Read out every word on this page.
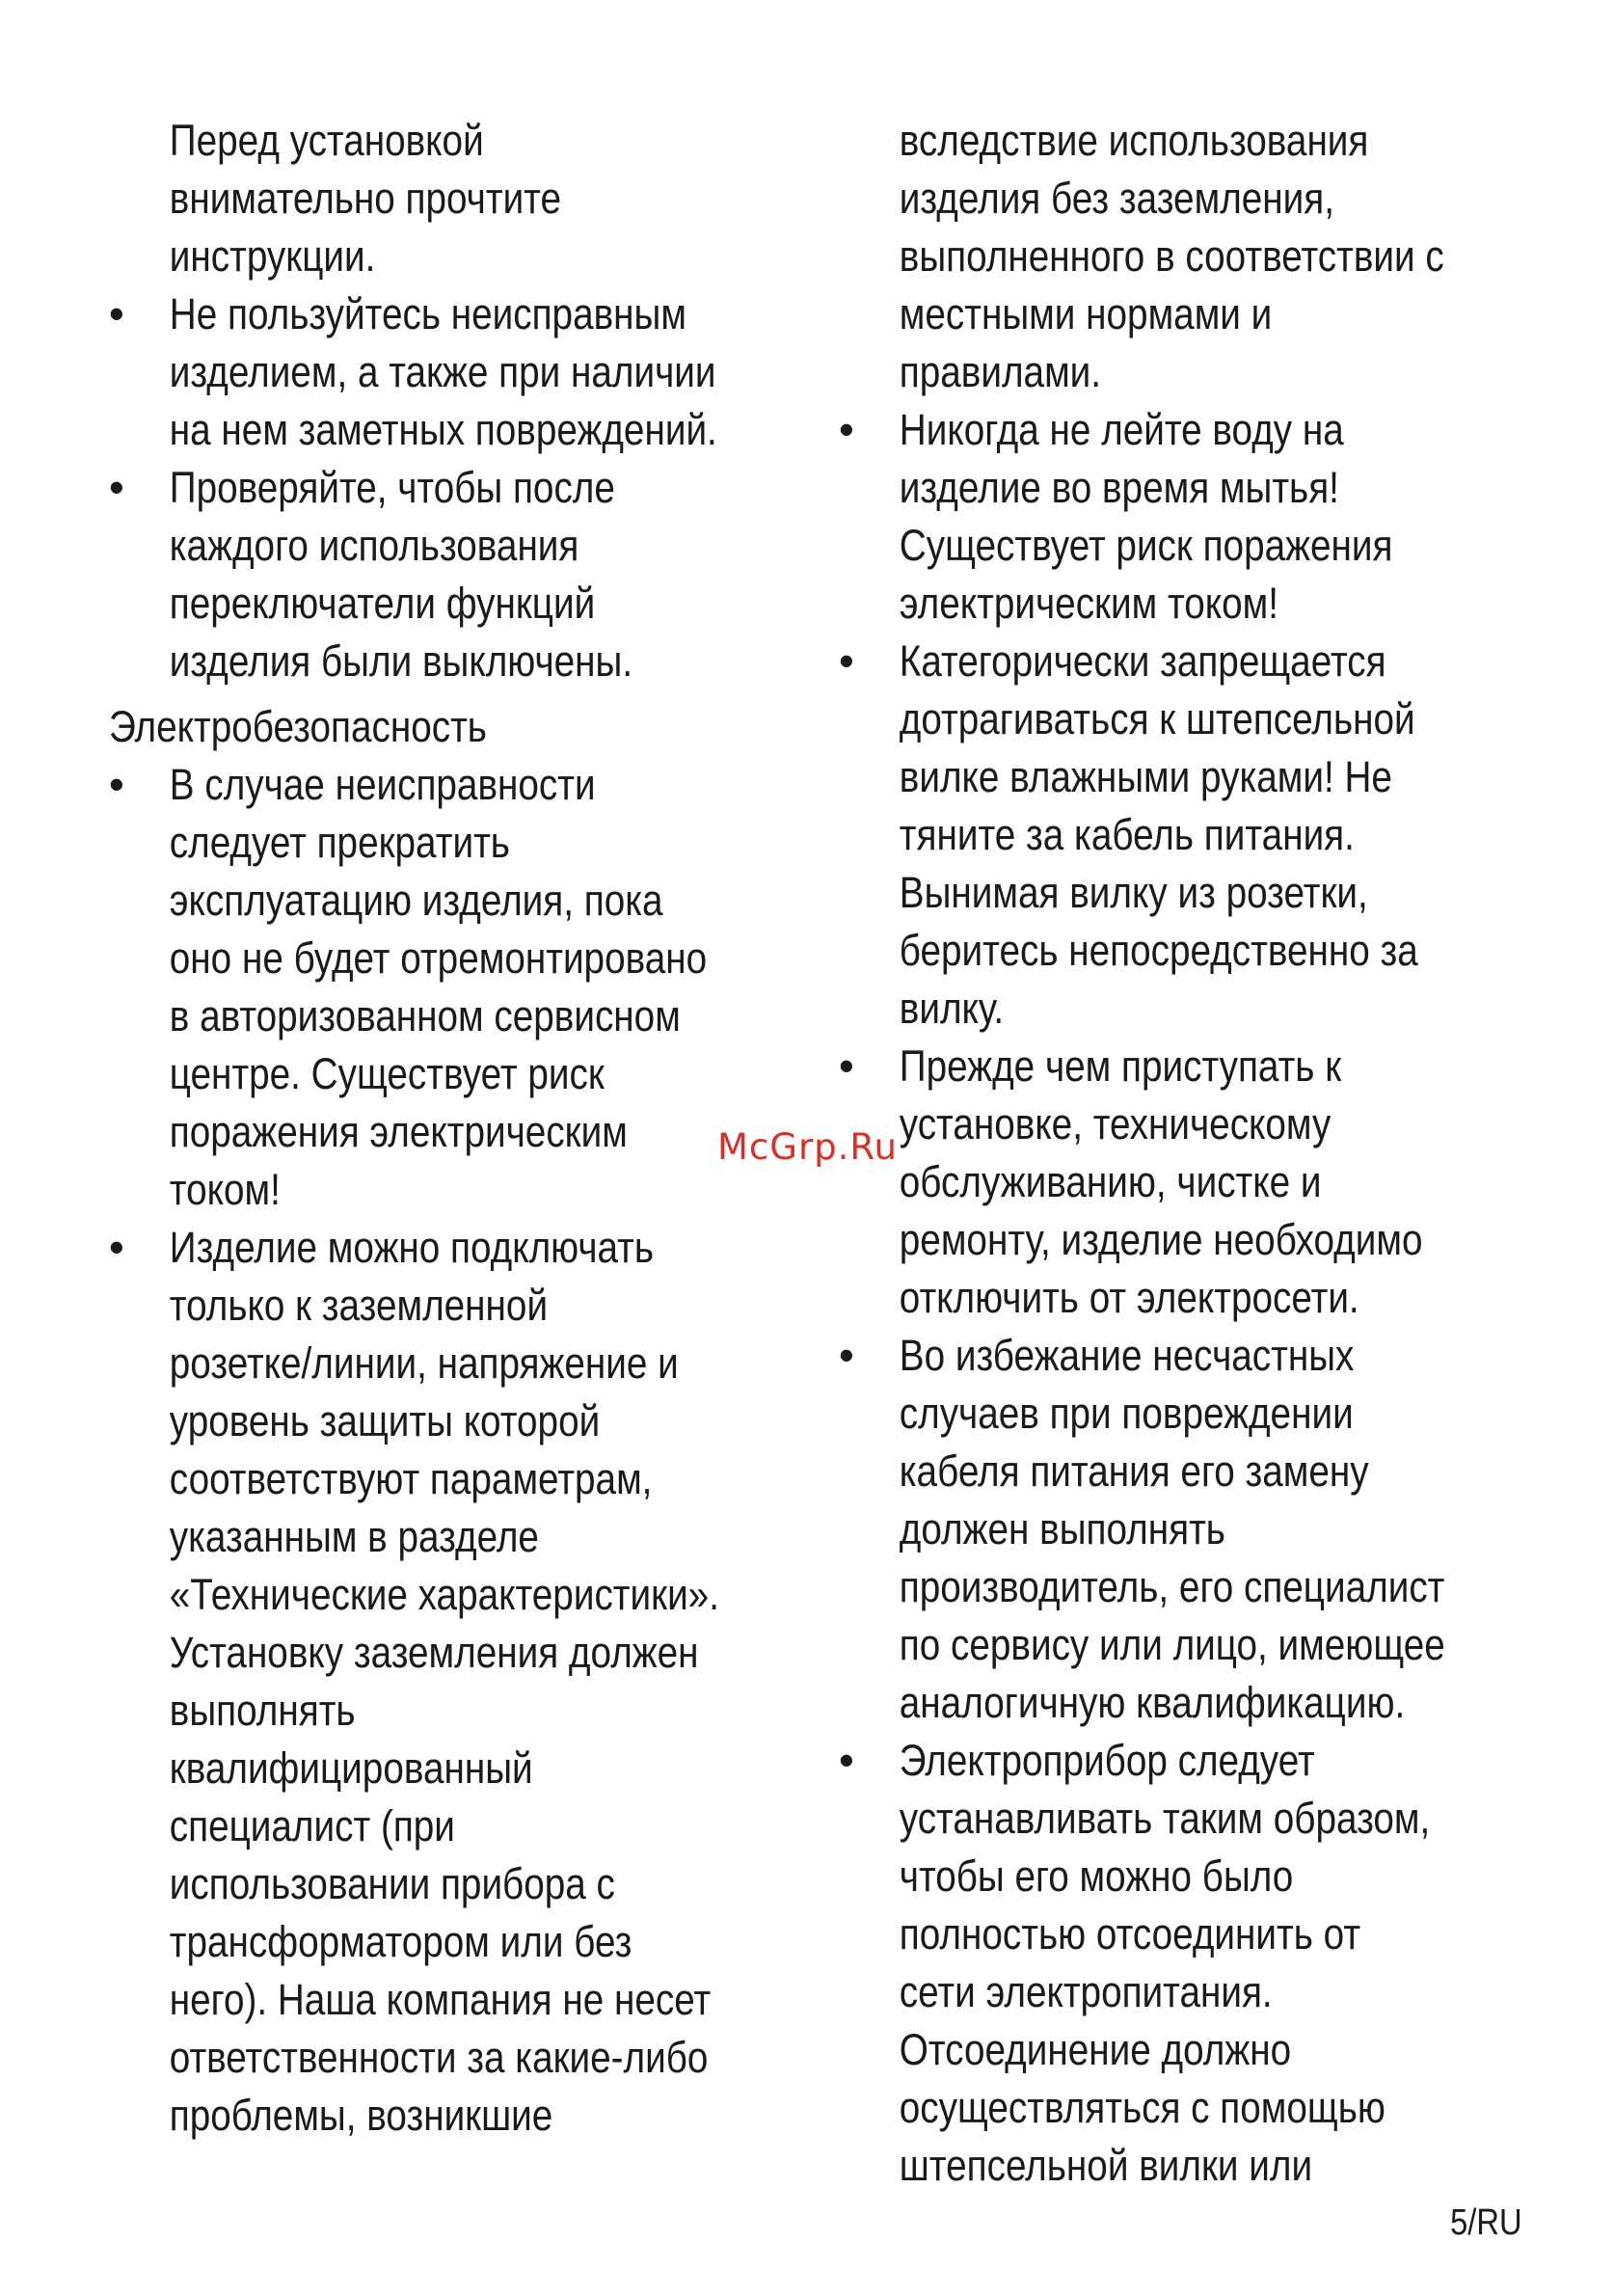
Перед установкой
внимательно прочтите
инструкции.
•	Не пользуйтесь неисправным
изделием, а также при наличии
на нем заметных повреждений.
•	Проверяйте, чтобы после
каждого использования
переключатели функций
изделия были выключены.
Электробезопасность
•	В случае неисправности
следует прекратить
эксплуатацию изделия, пока
оно не будет отремонтировано
в авторизованном сервисном
центре. Существует риск
поражения электрическим
током!
•	Изделие можно подключать
только к заземленной
розетке/линии, напряжение и
уровень защиты которой
соответствуют параметрам,
указанным в разделе
«Технические характеристики».
Установку заземления должен
выполнять
квалифицированный
специалист (при
использовании прибора с
трансформатором или без
него). Наша компания не несет
ответственности за какие-либо
проблемы, возникшие
вследствие использования
изделия без заземления,
выполненного в соответствии с
местными нормами и
правилами.
•	Никогда не лейте воду на
изделие во время мытья!
Существует риск поражения
электрическим током!
•	Категорически запрещается
дотрагиваться к штепсельной
вилке влажными руками! Не
тяните за кабель питания.
Вынимая вилку из розетки,
беритесь непосредственно за
вилку.
•	Прежде чем приступать к
установке, техническому
обслуживанию, чистке и
ремонту, изделие необходимо
отключить от электросети.
•	Во избежание несчастных
случаев при повреждении
кабеля питания его замену
должен выполнять
производитель, его специалист
по сервису или лицо, имеющее
аналогичную квалификацию.
•	Электроприбор следует
устанавливать таким образом,
чтобы его можно было
полностью отсоединить от
сети электропитания.
Отсоединение должно
осуществляться с помощью
штепсельной вилки или
McGrp.Ru
5/RU
